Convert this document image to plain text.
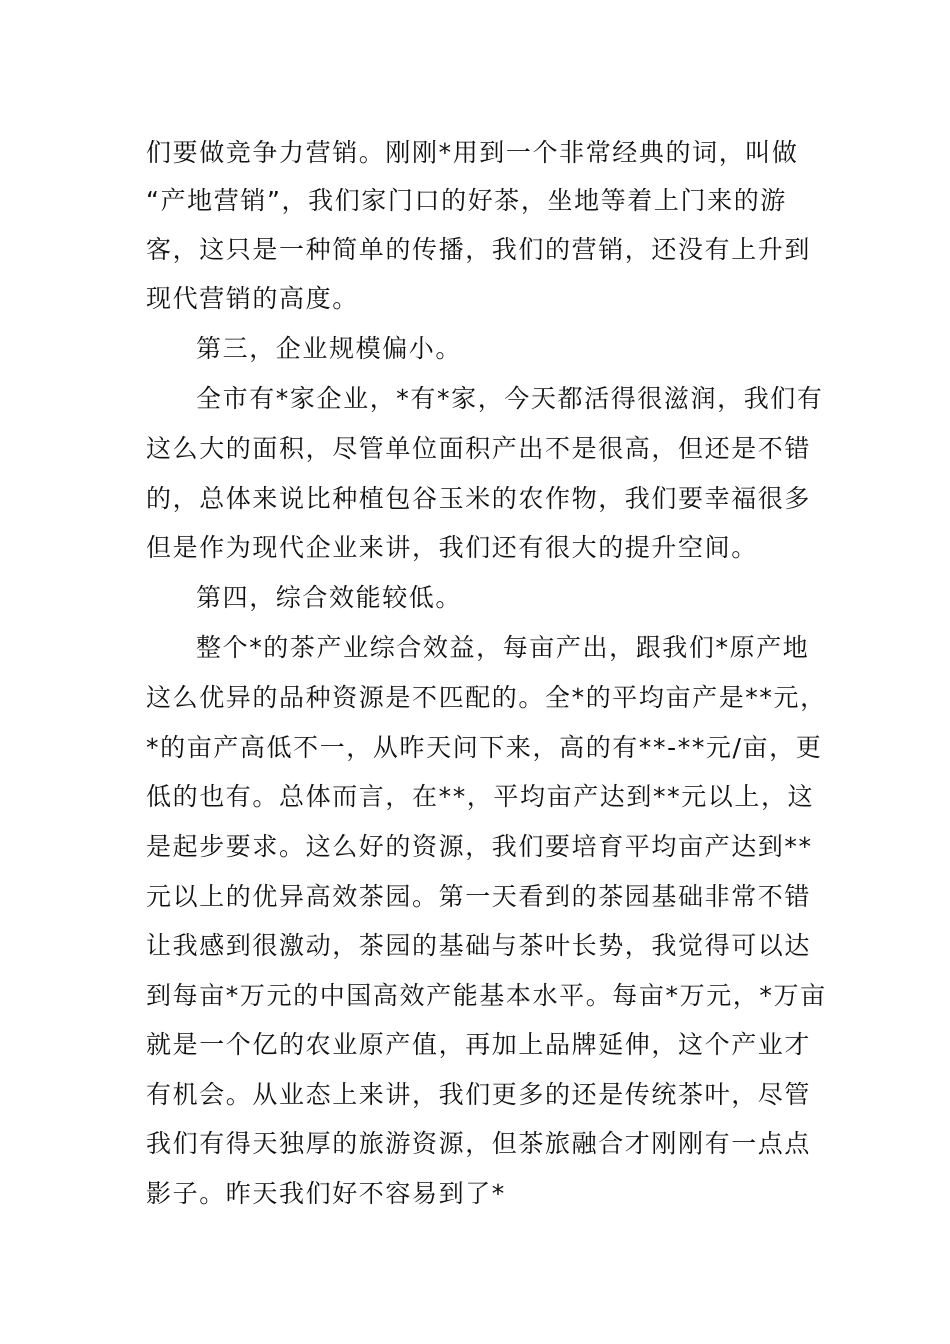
们要做竞争力营销。刚刚*用到一个非常经典的词，叫做
“产地营销”，我们家门口的好茶，坐地等着上门来的游
客，这只是一种简单的传播，我们的营销，还没有上升到
现代营销的高度。
第三，企业规模偏小。
全市有*家企业，*有*家，今天都活得很滋润，我们有
这么大的面积，尽管单位面积产出不是很高，但还是不错
的，总体来说比种植包谷玉米的农作物，我们要幸福很多
但是作为现代企业来讲，我们还有很大的提升空间。
第四，综合效能较低。
整个*的茶产业综合效益，每亩产出，跟我们*原产地
这么优异的品种资源是不匹配的。全*的平均亩产是**元，
*的亩产高低不一，从昨天问下来，高的有**-**元/亩，更
低的也有。总体而言，在**，平均亩产达到**元以上，这
是起步要求。这么好的资源，我们要培育平均亩产达到**
元以上的优异高效茶园。第一天看到的茶园基础非常不错
让我感到很激动，茶园的基础与茶叶长势，我觉得可以达
到每亩*万元的中国高效产能基本水平。每亩*万元，*万亩
就是一个亿的农业原产值，再加上品牌延伸，这个产业才
有机会。从业态上来讲，我们更多的还是传统茶叶，尽管
我们有得天独厚的旅游资源，但茶旅融合才刚刚有一点点
影子。昨天我们好不容易到了*
